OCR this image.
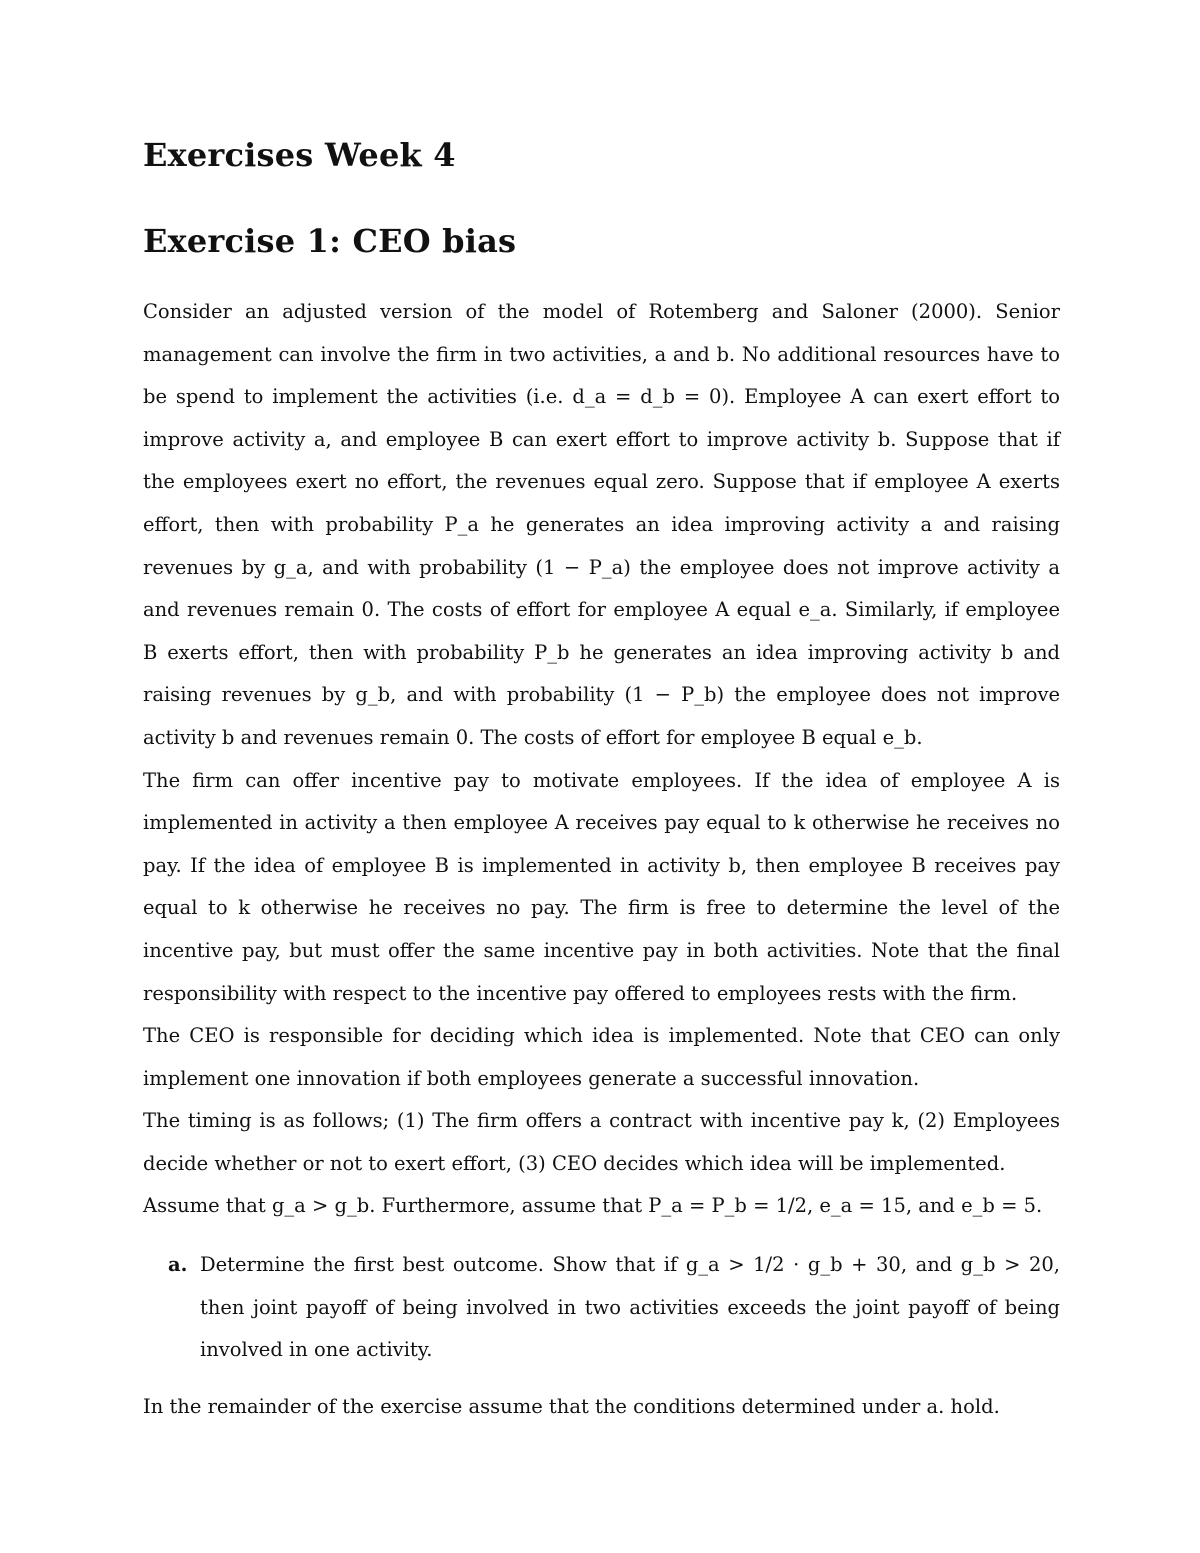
Exercises Week 4
Exercise 1: CEO bias

Consider an adjusted version of the model of Rotemberg and Saloner (2000). Senior management can involve the firm in two activities, a and b. No additional resources have to be spend to implement the activities (i.e. d_a = d_b = 0). Employee A can exert effort to improve activity a, and employee B can exert effort to improve activity b. Suppose that if the employees exert no effort, the revenues equal zero. Suppose that if employee A exerts effort, then with probability P_a he generates an idea improving activity a and raising revenues by g_a, and with probability (1 − P_a) the employee does not improve activity a and revenues remain 0. The costs of effort for employee A equal e_a. Similarly, if employee B exerts effort, then with probability P_b he generates an idea improving activity b and raising revenues by g_b, and with probability (1 − P_b) the employee does not improve activity b and revenues remain 0. The costs of effort for employee B equal e_b.

The firm can offer incentive pay to motivate employees. If the idea of employee A is implemented in activity a then employee A receives pay equal to k otherwise he receives no pay. If the idea of employee B is implemented in activity b, then employee B receives pay equal to k otherwise he receives no pay. The firm is free to determine the level of the incentive pay, but must offer the same incentive pay in both activities. Note that the final responsibility with respect to the incentive pay offered to employees rests with the firm.

The CEO is responsible for deciding which idea is implemented. Note that CEO can only implement one innovation if both employees generate a successful innovation.

The timing is as follows; (1) The firm offers a contract with incentive pay k, (2) Employees decide whether or not to exert effort, (3) CEO decides which idea will be implemented.

Assume that g_a > g_b. Furthermore, assume that P_a = P_b = 1/2, e_a = 15, and e_b = 5.

a. Determine the first best outcome. Show that if g_a > 1/2 · g_b + 30, and g_b > 20, then joint payoff of being involved in two activities exceeds the joint payoff of being involved in one activity.

In the remainder of the exercise assume that the conditions determined under a. hold.
